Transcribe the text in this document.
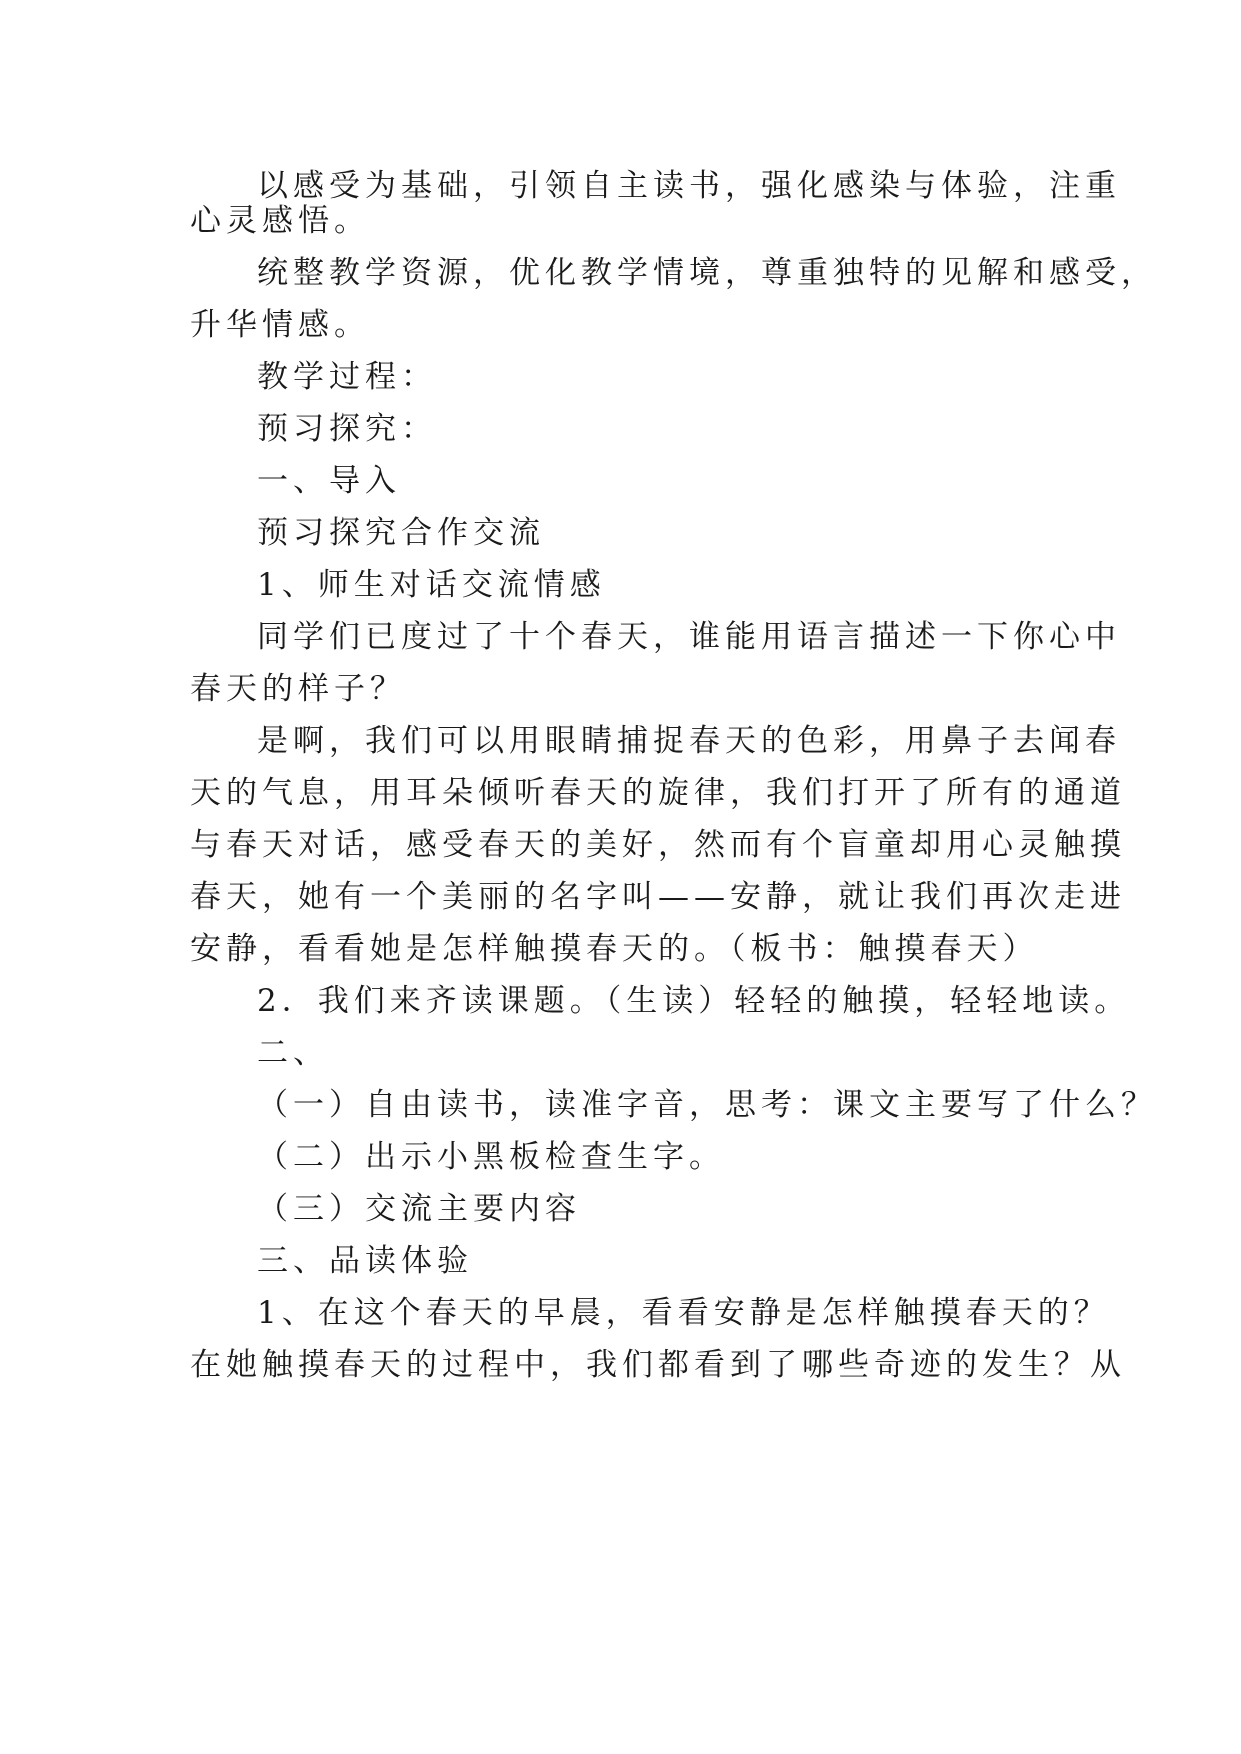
以感受为基础，引领自主读书，强化感染与体验，注重
心灵感悟。
统整教学资源，优化教学情境，尊重独特的见解和感受，
升华情感。
教学过程：
预习探究：
一、导入
预习探究合作交流
1、师生对话交流情感
同学们已度过了十个春天，谁能用语言描述一下你心中
春天的样子？
是啊，我们可以用眼睛捕捉春天的色彩，用鼻子去闻春
天的气息，用耳朵倾听春天的旋律，我们打开了所有的通道
与春天对话，感受春天的美好，然而有个盲童却用心灵触摸
春天，她有一个美丽的名字叫——安静，就让我们再次走进
安静，看看她是怎样触摸春天的。（板书：触摸春天）
2．我们来齐读课题。（生读）轻轻的触摸，轻轻地读。
二、
（一）自由读书，读准字音，思考：课文主要写了什么？
（二）出示小黑板检查生字。
（三）交流主要内容
三、品读体验
1、在这个春天的早晨，看看安静是怎样触摸春天的？
在她触摸春天的过程中，我们都看到了哪些奇迹的发生？从
